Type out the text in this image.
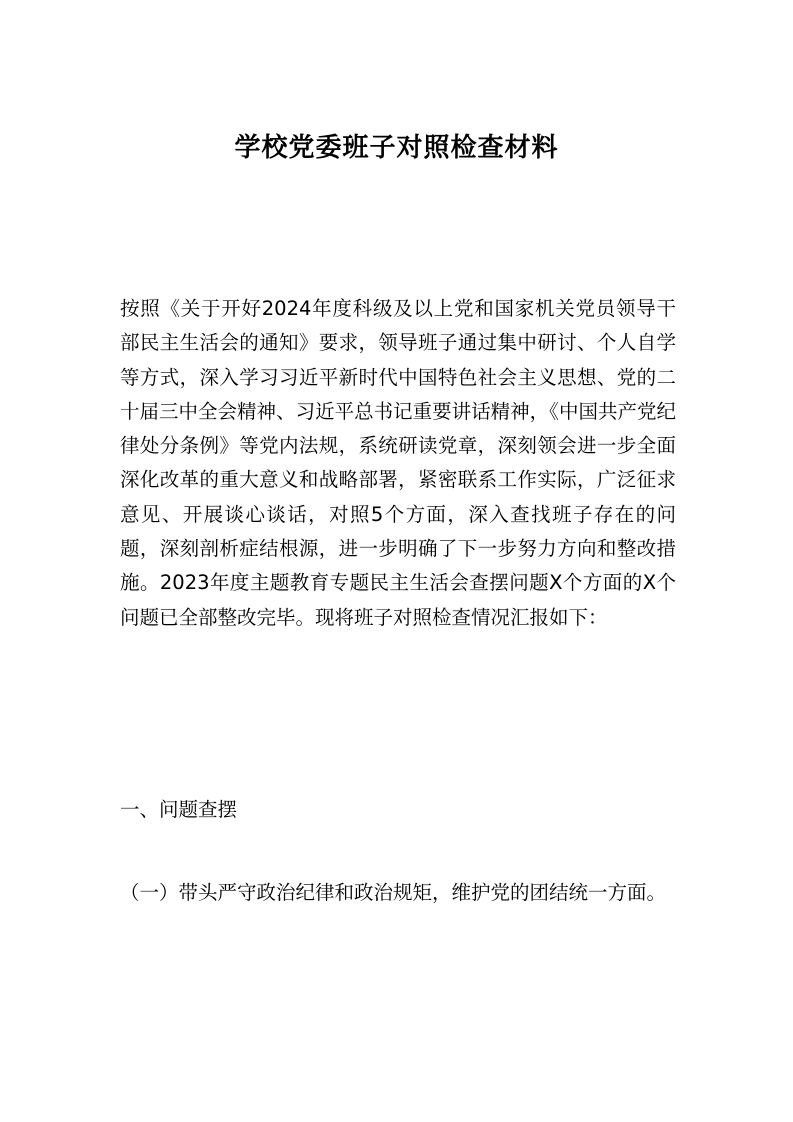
学校党委班子对照检查材料

按照《关于开好2024年度科级及以上党和国家机关党员领导干部民主生活会的通知》要求，领导班子通过集中研讨、个人自学等方式，深入学习习近平新时代中国特色社会主义思想、党的二十届三中全会精神、习近平总书记重要讲话精神，《中国共产党纪律处分条例》等党内法规，系统研读党章，深刻领会进一步全面深化改革的重大意义和战略部署，紧密联系工作实际，广泛征求意见、开展谈心谈话，对照5个方面，深入查找班子存在的问题，深刻剖析症结根源，进一步明确了下一步努力方向和整改措施。2023年度主题教育专题民主生活会查摆问题X个方面的X个问题已全部整改完毕。现将班子对照检查情况汇报如下：

一、问题查摆

（一）带头严守政治纪律和政治规矩，维护党的团结统一方面。
